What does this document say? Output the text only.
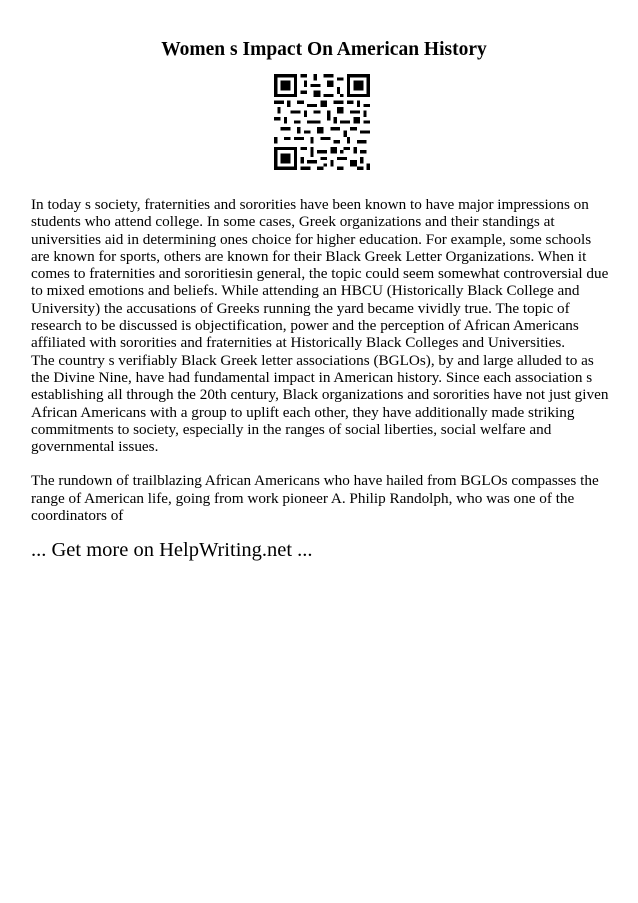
Women s Impact On American History

In today s society, fraternities and sororities have been known to have major impressions on students who attend college. In some cases, Greek organizations and their standings at universities aid in determining ones choice for higher education. For example, some schools are known for sports, others are known for their Black Greek Letter Organizations. When it comes to fraternities and sororitiesin general, the topic could seem somewhat controversial due to mixed emotions and beliefs. While attending an HBCU (Historically Black College and University) the accusations of Greeks running the yard became vividly true. The topic of research to be discussed is objectification, power and the perception of African Americans affiliated with sororities and fraternities at Historically Black Colleges and Universities.

The country s verifiably Black Greek letter associations (BGLOs), by and large alluded to as the Divine Nine, have had fundamental impact in American history. Since each association s establishing all through the 20th century, Black organizations and sororities have not just given African Americans with a group to uplift each other, they have additionally made striking commitments to society, especially in the ranges of social liberties, social welfare and governmental issues.

The rundown of trailblazing African Americans who have hailed from BGLOs compasses the range of American life, going from work pioneer A. Philip Randolph, who was one of the coordinators of

... Get more on HelpWriting.net ...
